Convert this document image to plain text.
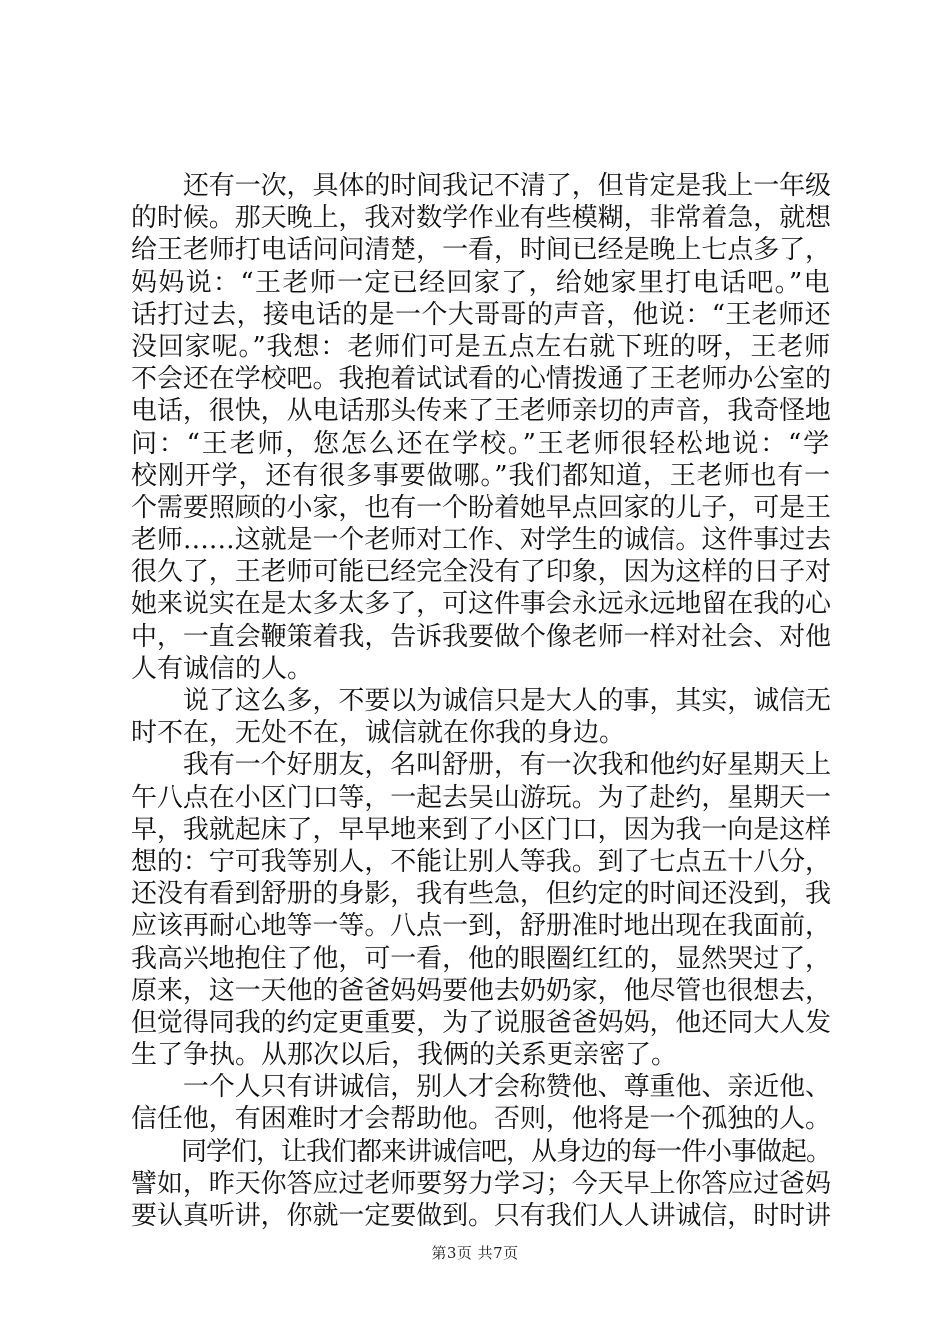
　　还有一次，具体的时间我记不清了，但肯定是我上一年级
的时候。那天晚上，我对数学作业有些模糊，非常着急，就想
给王老师打电话问问清楚，一看，时间已经是晚上七点多了，
妈妈说：“王老师一定已经回家了，给她家里打电话吧。”电
话打过去，接电话的是一个大哥哥的声音，他说：“王老师还
没回家呢。”我想：老师们可是五点左右就下班的呀，王老师
不会还在学校吧。我抱着试试看的心情拨通了王老师办公室的
电话，很快，从电话那头传来了王老师亲切的声音，我奇怪地
问：“王老师，您怎么还在学校。”王老师很轻松地说：“学
校刚开学，还有很多事要做哪。”我们都知道，王老师也有一
个需要照顾的小家，也有一个盼着她早点回家的儿子，可是王
老师……这就是一个老师对工作、对学生的诚信。这件事过去
很久了，王老师可能已经完全没有了印象，因为这样的日子对
她来说实在是太多太多了，可这件事会永远永远地留在我的心
中，一直会鞭策着我，告诉我要做个像老师一样对社会、对他
人有诚信的人。
　　说了这么多，不要以为诚信只是大人的事，其实，诚信无
时不在，无处不在，诚信就在你我的身边。
　　我有一个好朋友，名叫舒册，有一次我和他约好星期天上
午八点在小区门口等，一起去吴山游玩。为了赴约，星期天一
早，我就起床了，早早地来到了小区门口，因为我一向是这样
想的：宁可我等别人，不能让别人等我。到了七点五十八分，
还没有看到舒册的身影，我有些急，但约定的时间还没到，我
应该再耐心地等一等。八点一到，舒册准时地出现在我面前，
我高兴地抱住了他，可一看，他的眼圈红红的，显然哭过了，
原来，这一天他的爸爸妈妈要他去奶奶家，他尽管也很想去，
但觉得同我的约定更重要，为了说服爸爸妈妈，他还同大人发
生了争执。从那次以后，我俩的关系更亲密了。
　　一个人只有讲诚信，别人才会称赞他、尊重他、亲近他、
信任他，有困难时才会帮助他。否则，他将是一个孤独的人。
　　同学们，让我们都来讲诚信吧，从身边的每一件小事做起。
譬如，昨天你答应过老师要努力学习；今天早上你答应过爸妈
要认真听讲，你就一定要做到。只有我们人人讲诚信，时时讲
第3页 共7页
